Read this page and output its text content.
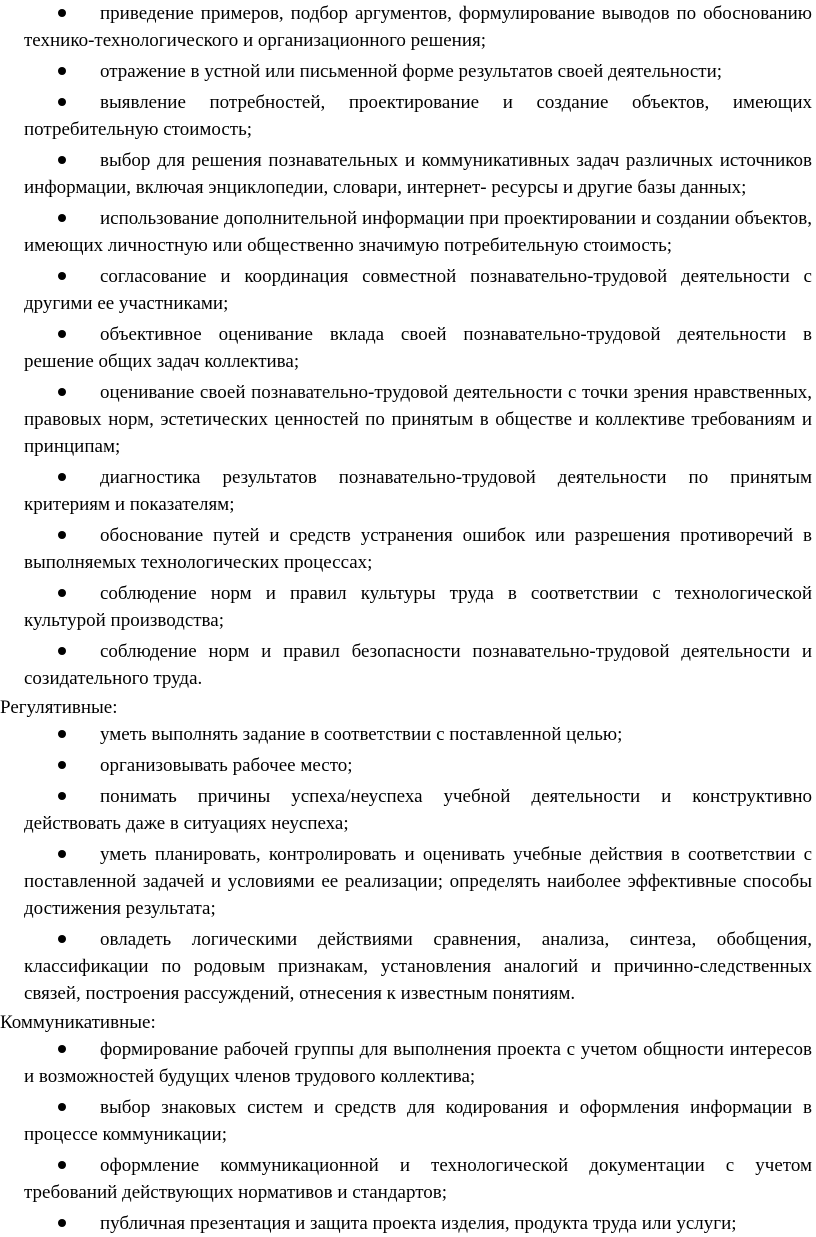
приведение примеров, подбор аргументов, формулирование выводов по обоснованию технико-технологического и организационного решения;

отражение в устной или письменной форме результатов своей деятельности;

выявление потребностей, проектирование и создание объектов, имеющих потребительную стоимость;

выбор для решения познавательных и коммуникативных задач различных источников информации, включая энциклопедии, словари, интернет- ресурсы и другие базы данных;

использование дополнительной информации при проектировании и создании объектов, имеющих личностную или общественно значимую потребительную стоимость;

согласование и координация совместной познавательно-трудовой деятельности с другими ее участниками;

объективное оценивание вклада своей познавательно-трудовой деятельности в решение общих задач коллектива;

оценивание своей познавательно-трудовой деятельности с точки зрения нравственных, правовых норм, эстетических ценностей по принятым в обществе и коллективе требованиям и принципам;

диагностика результатов познавательно-трудовой деятельности по принятым критериям и показателям;

обоснование путей и средств устранения ошибок или разрешения противоречий в выполняемых технологических процессах;

соблюдение норм и правил культуры труда в соответствии с технологической культурой производства;

соблюдение норм и правил безопасности познавательно-трудовой деятельности и созидательного труда.

Регулятивные:

уметь выполнять задание в соответствии с поставленной целью;

организовывать рабочее место;

понимать причины успеха/неуспеха учебной деятельности и конструктивно действовать даже в ситуациях неуспеха;

уметь планировать, контролировать и оценивать учебные действия в соответствии с поставленной задачей и условиями ее реализации; определять наиболее эффективные способы достижения результата;

овладеть логическими действиями сравнения, анализа, синтеза, обобщения, классификации по родовым признакам, установления аналогий и причинно-следственных связей, построения рассуждений, отнесения к известным понятиям.

Коммуникативные:

формирование рабочей группы для выполнения проекта с учетом общности интересов и возможностей будущих членов трудового коллектива;

выбор знаковых систем и средств для кодирования и оформления информации в процессе коммуникации;

оформление коммуникационной и технологической документации с учетом требований действующих нормативов и стандартов;

публичная презентация и защита проекта изделия, продукта труда или услуги;
